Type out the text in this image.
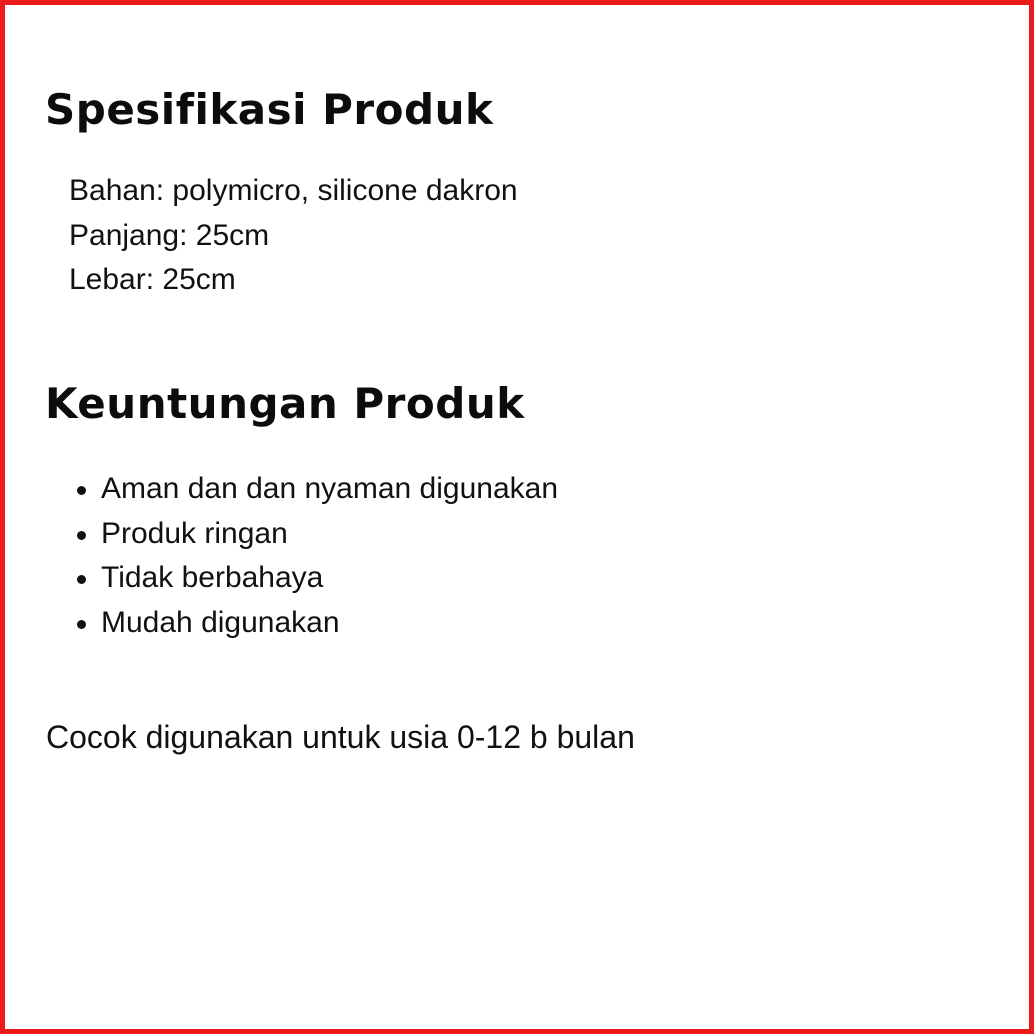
Spesifikasi Produk
Bahan: polymicro, silicone dakron
Panjang: 25cm
Lebar: 25cm
Keuntungan Produk
Aman dan dan nyaman digunakan
Produk ringan
Tidak berbahaya
Mudah digunakan

Cocok digunakan untuk usia 0-12 b bulan
